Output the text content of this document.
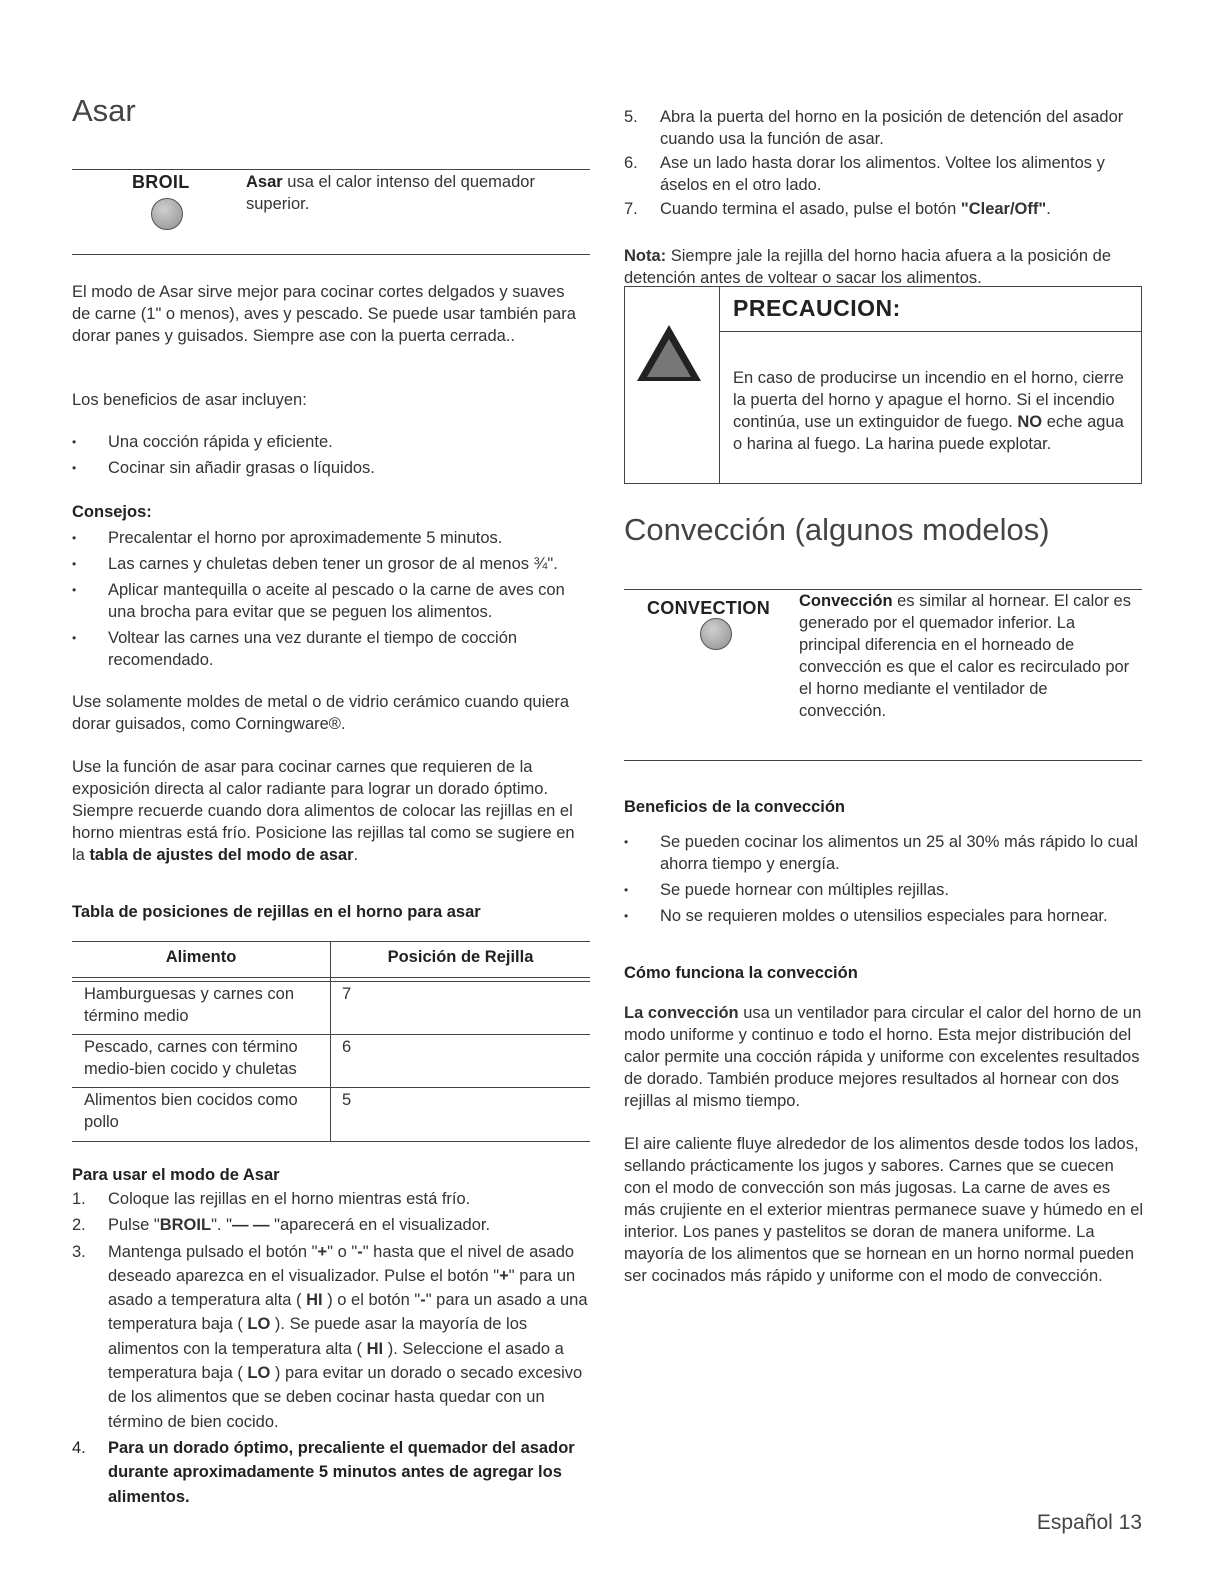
Asar
BROIL	Asar usa el calor intenso del quemador superior.

El modo de Asar sirve mejor para cocinar cortes delgados y suaves de carne (1" o menos), aves y pescado. Se puede usar también para dorar panes y guisados. Siempre ase con la puerta cerrada..

Los beneficios de asar incluyen:

• Una cocción rápida y eficiente.
• Cocinar sin añadir grasas o líquidos.
Consejos:
• Precalentar el horno por aproximademente 5 minutos.
• Las carnes y chuletas deben tener un grosor de al menos ¾".
• Aplicar mantequilla o aceite al pescado o la carne de aves con una brocha para evitar que se peguen los alimentos.
• Voltear las carnes una vez durante el tiempo de cocción recomendado.

Use solamente moldes de metal o de vidrio cerámico cuando quiera dorar guisados, como Corningware®.

Use la función de asar para cocinar carnes que requieren de la exposición directa al calor radiante para lograr un dorado óptimo. Siempre recuerde cuando dora alimentos de colocar las rejillas en el horno mientras está frío. Posicione las rejillas tal como se sugiere en la tabla de ajustes del modo de asar.

Tabla de posiciones de rejillas en el horno para asar
Alimento	Posición de Rejilla
Hamburguesas y carnes con término medio
7
Pescado, carnes con término medio-bien cocido y chuletas
6
Alimentos bien cocidos como pollo
5
Para usar el modo de Asar
1. Coloque las rejillas en el horno mientras está frío.
2. Pulse "BROIL". "— — "aparecerá en el visualizador.
3. Mantenga pulsado el botón "+" o "-" hasta que el nivel de asado deseado aparezca en el visualizador. Pulse el botón "+" para un asado a temperatura alta ( HI ) o el botón "-" para un asado a una temperatura baja ( LO ). Se puede asar la mayoría de los alimentos con la temperatura alta ( HI ). Seleccione el asado a temperatura baja ( LO ) para evitar un dorado o secado excesivo de los alimentos que se deben cocinar hasta quedar con un término de bien cocido.
4. Para un dorado óptimo, precaliente el quemador del asador durante aproximadamente 5 minutos antes de agregar los alimentos.
5. Abra la puerta del horno en la posición de detención del asador cuando usa la función de asar.
6. Ase un lado hasta dorar los alimentos. Voltee los alimentos y áselos en el otro lado.
7. Cuando termina el asado, pulse el botón "Clear/Off".

Nota: Siempre jale la rejilla del horno hacia afuera a la posición de detención antes de voltear o sacar los alimentos.

PRECAUCION:

En caso de producirse un incendio en el horno, cierre la puerta del horno y apague el horno. Si el incendio continúa, use un extinguidor de fuego. NO eche agua o harina al fuego. La harina puede explotar.

Convección (algunos modelos)
CONVECTION Convección es similar al hornear. El calor es generado por el quemador inferior. La principal diferencia en el horneado de convección es que el calor es recirculado por el horno mediante el ventilador de convección.
Beneficios de la convección
• Se pueden cocinar los alimentos un 25 al 30% más rápido lo cual ahorra tiempo y energía.
• Se puede hornear con múltiples rejillas.
• No se requieren moldes o utensilios especiales para hornear.
Cómo funciona la convección

La convección usa un ventilador para circular el calor del horno de un modo uniforme y continuo e todo el horno. Esta mejor distribución del calor permite una cocción rápida y uniforme con excelentes resultados de dorado. También produce mejores resultados al hornear con dos rejillas al mismo tiempo.

El aire caliente fluye alrededor de los alimentos desde todos los lados, sellando prácticamente los jugos y sabores. Carnes que se cuecen con el modo de convección son más jugosas. La carne de aves es más crujiente en el exterior mientras permanece suave y húmedo en el interior. Los panes y pastelitos se doran de manera uniforme. La mayoría de los alimentos que se hornean en un horno normal pueden ser cocinados más rápido y uniforme con el modo de convección.

Español 13
